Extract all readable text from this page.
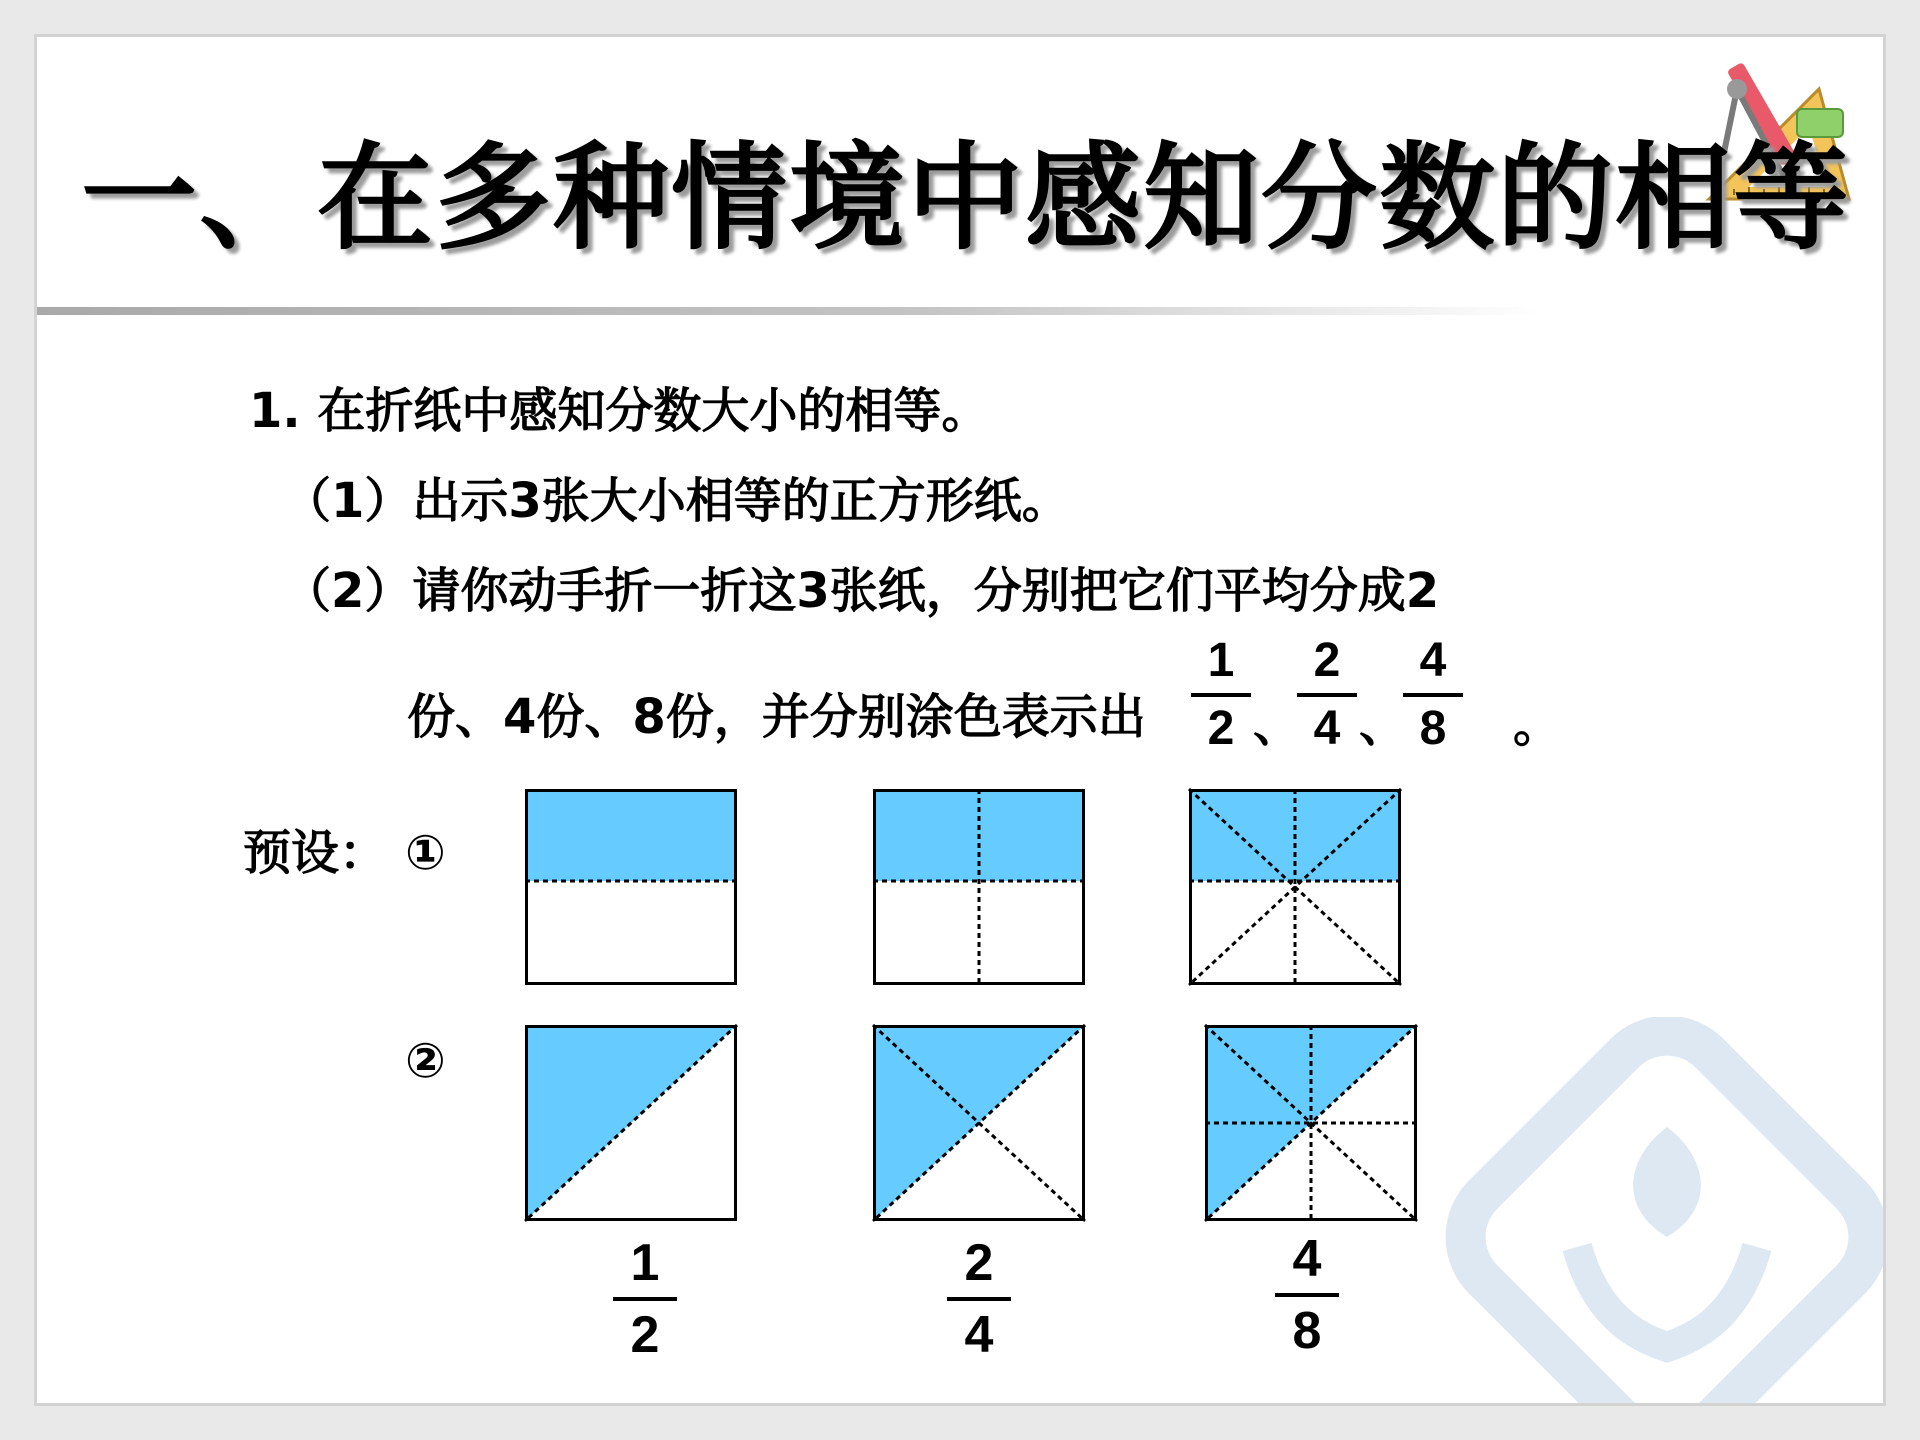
一、在多种情境中感知分数的相等
1. 在折纸中感知分数大小的相等。
（1）出示3张大小相等的正方形纸。
（2）请你动手折一折这3张纸，分别把它们平均分成2
份、4份、8份，并分别涂色表示出
1
2 、
2
4 、
4
8	。
预设： ①
②
1
2
2
4
4
8
